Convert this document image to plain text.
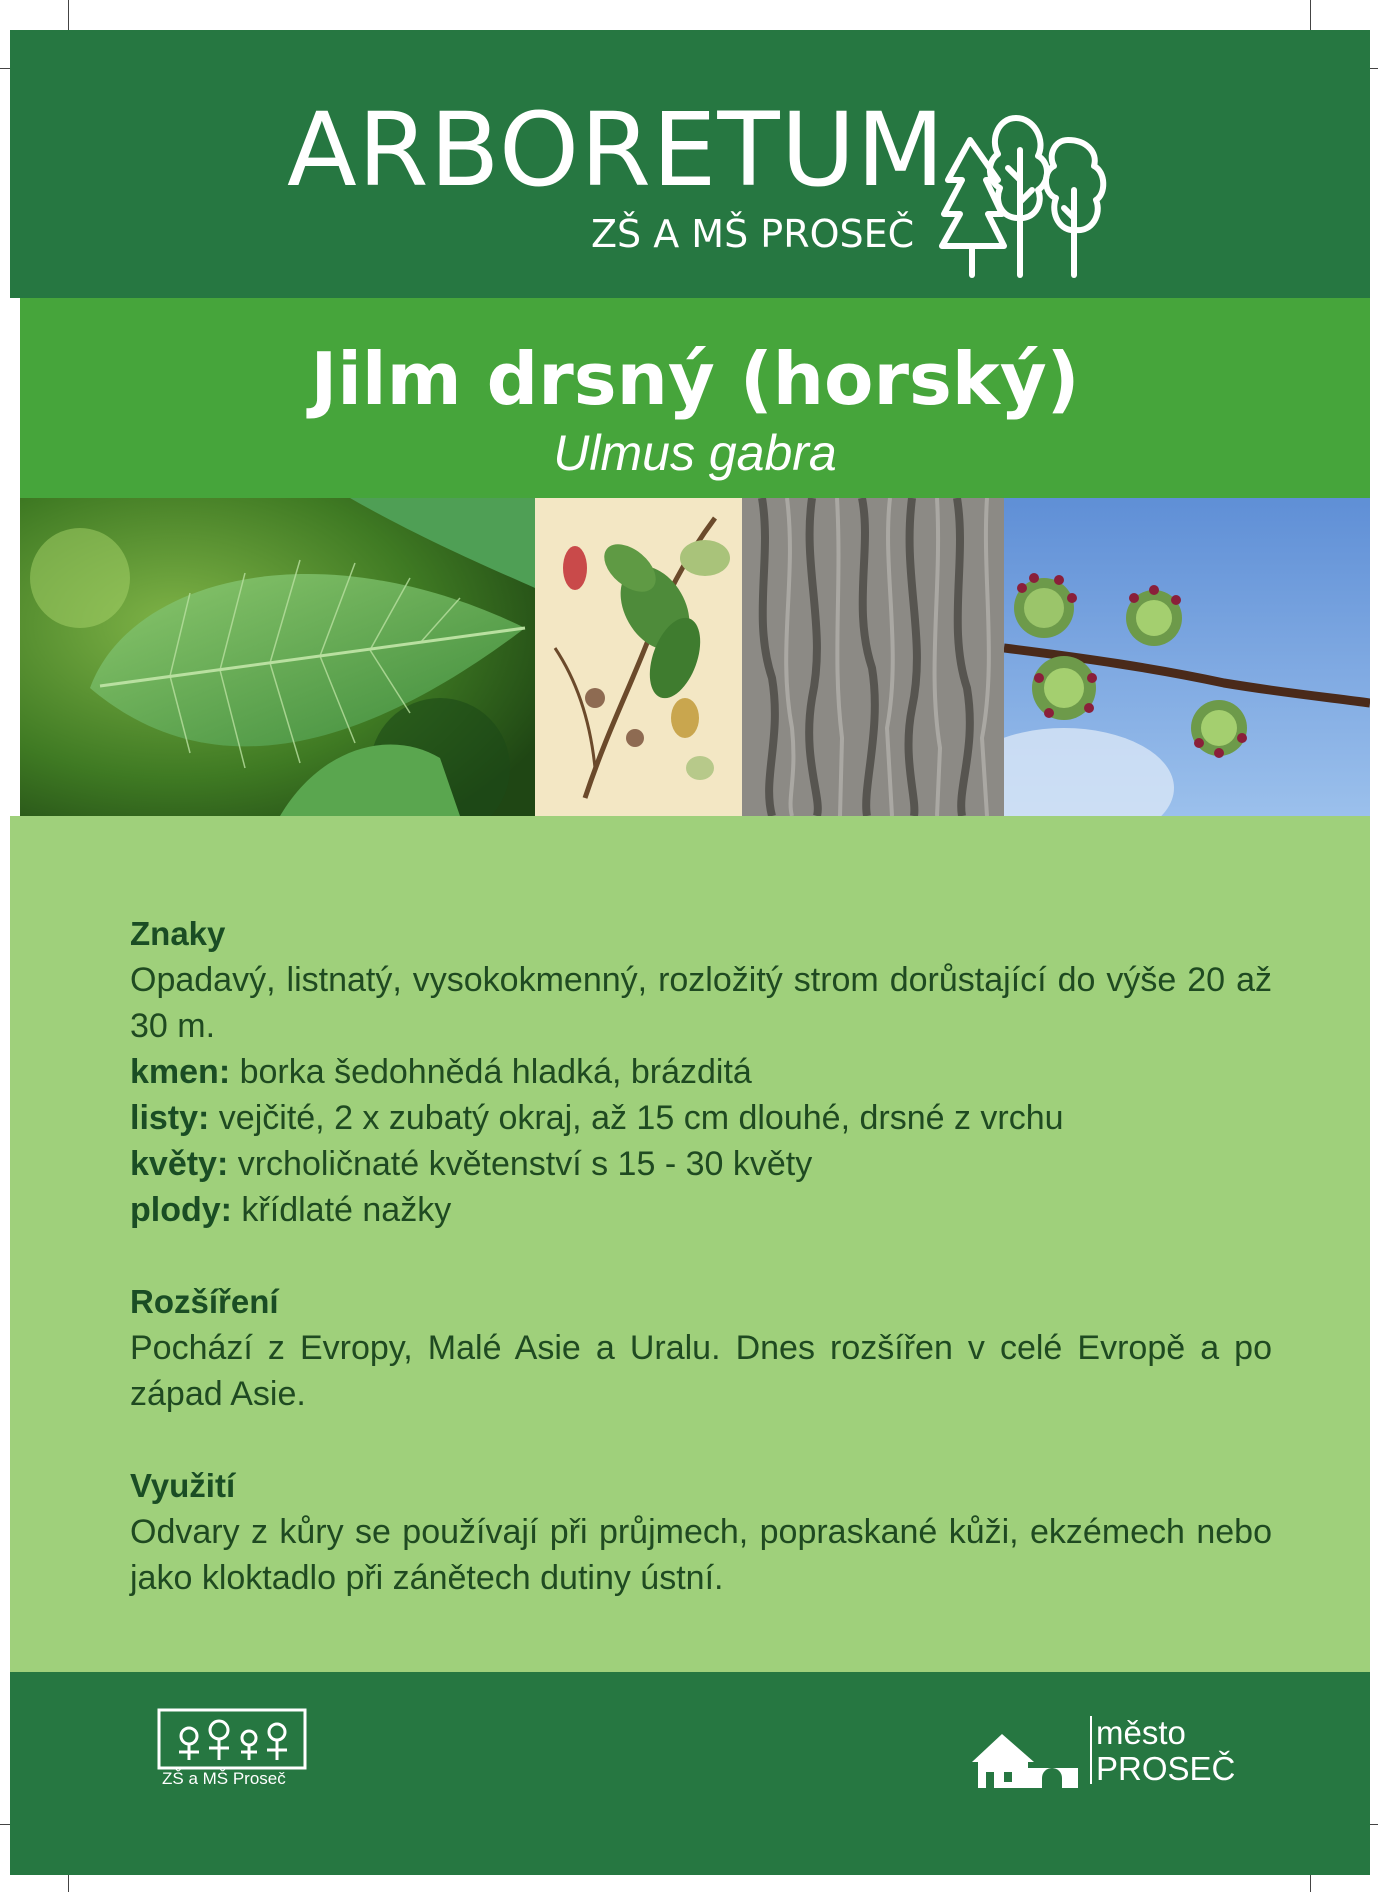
ARBORETUM
ZŠ A MŠ PROSEČ
Jilm drsný (horský)
Ulmus gabra
Znaky
Opadavý, listnatý, vysokokmenný, rozložitý strom dorůstající do výše 20 až 30 m.
kmen: borka šedohnědá hladká, brázditá
listy: vejčité, 2 x zubatý okraj, až 15 cm dlouhé, drsné z vrchu
květy: vrcholičnaté květenství s 15 - 30 květy
plody: křídlaté nažky
Rozšíření
Pochází z Evropy, Malé Asie a Uralu. Dnes rozšířen v celé Evropě a po západ Asie.
Využití
Odvary z kůry se používají při průjmech, popraskané kůži, ekzémech nebo jako kloktadlo při zánětech dutiny ústní.
ZŠ a MŠ Proseč
město
PROSEČ
